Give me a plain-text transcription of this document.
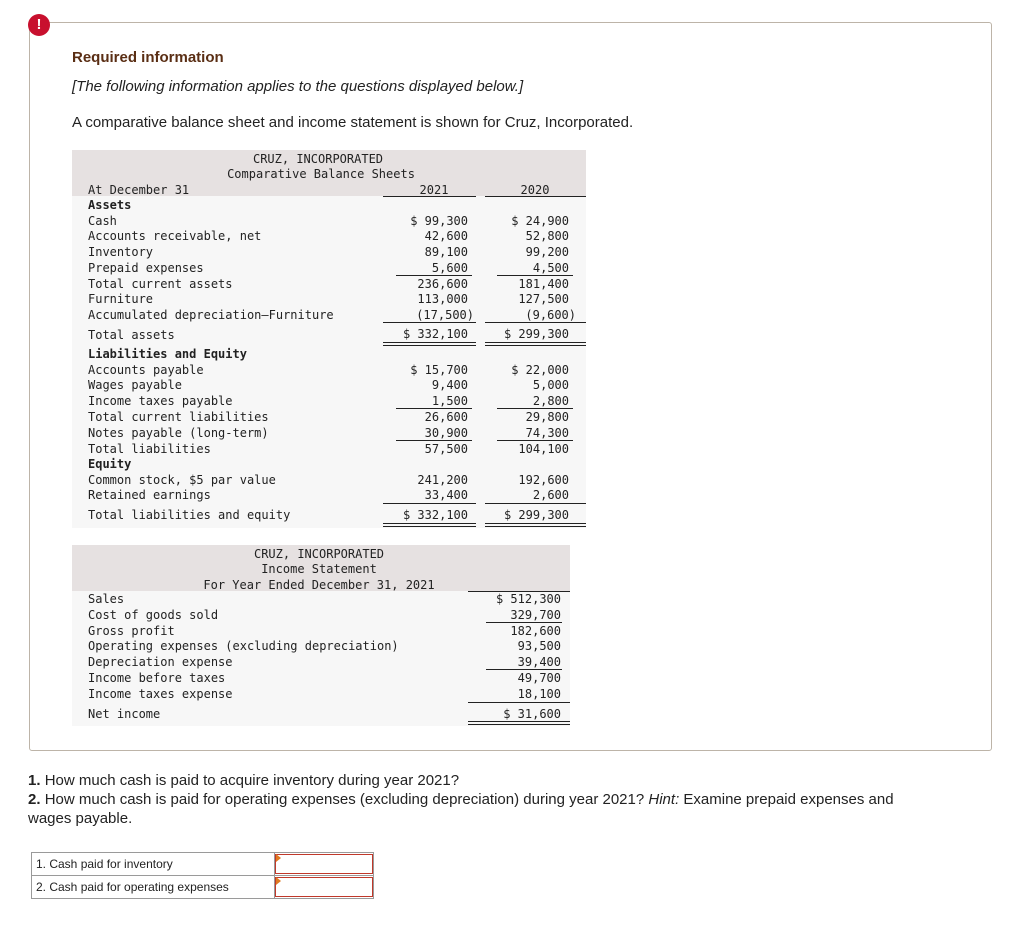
!
Required information
[The following information applies to the questions displayed below.]
A comparative balance sheet and income statement is shown for Cruz, Incorporated.
CRUZ, INCORPORATED
Comparative Balance Sheets
At December 31	2021	2020
Assets
Cash	$ 99,300	$ 24,900
Accounts receivable, net	42,600	52,800
Inventory	89,100	99,200
Prepaid expenses	5,600	4,500
Total current assets	236,600	181,400
Furniture	113,000	127,500
Accumulated depreciation—Furniture	(17,500)	(9,600)
Total assets	$ 332,100	$ 299,300
Liabilities and Equity
Accounts payable	$ 15,700	$ 22,000
Wages payable	9,400	5,000
Income taxes payable	1,500	2,800
Total current liabilities	26,600	29,800
Notes payable (long-term)	30,900	74,300
Total liabilities	57,500	104,100
Equity
Common stock, $5 par value	241,200	192,600
Retained earnings	33,400	2,600
Total liabilities and equity	$ 332,100	$ 299,300
CRUZ, INCORPORATED
Income Statement
For Year Ended December 31, 2021
Sales	$ 512,300
Cost of goods sold	329,700
Gross profit	182,600
Operating expenses (excluding depreciation)	93,500
Depreciation expense	39,400
Income before taxes	49,700
Income taxes expense	18,100
Net income	$ 31,600
1. How much cash is paid to acquire inventory during year 2021?
2. How much cash is paid for operating expenses (excluding depreciation) during year 2021? Hint: Examine prepaid expenses and
wages payable.
1. Cash paid for inventory	

2. Cash paid for operating expenses	
